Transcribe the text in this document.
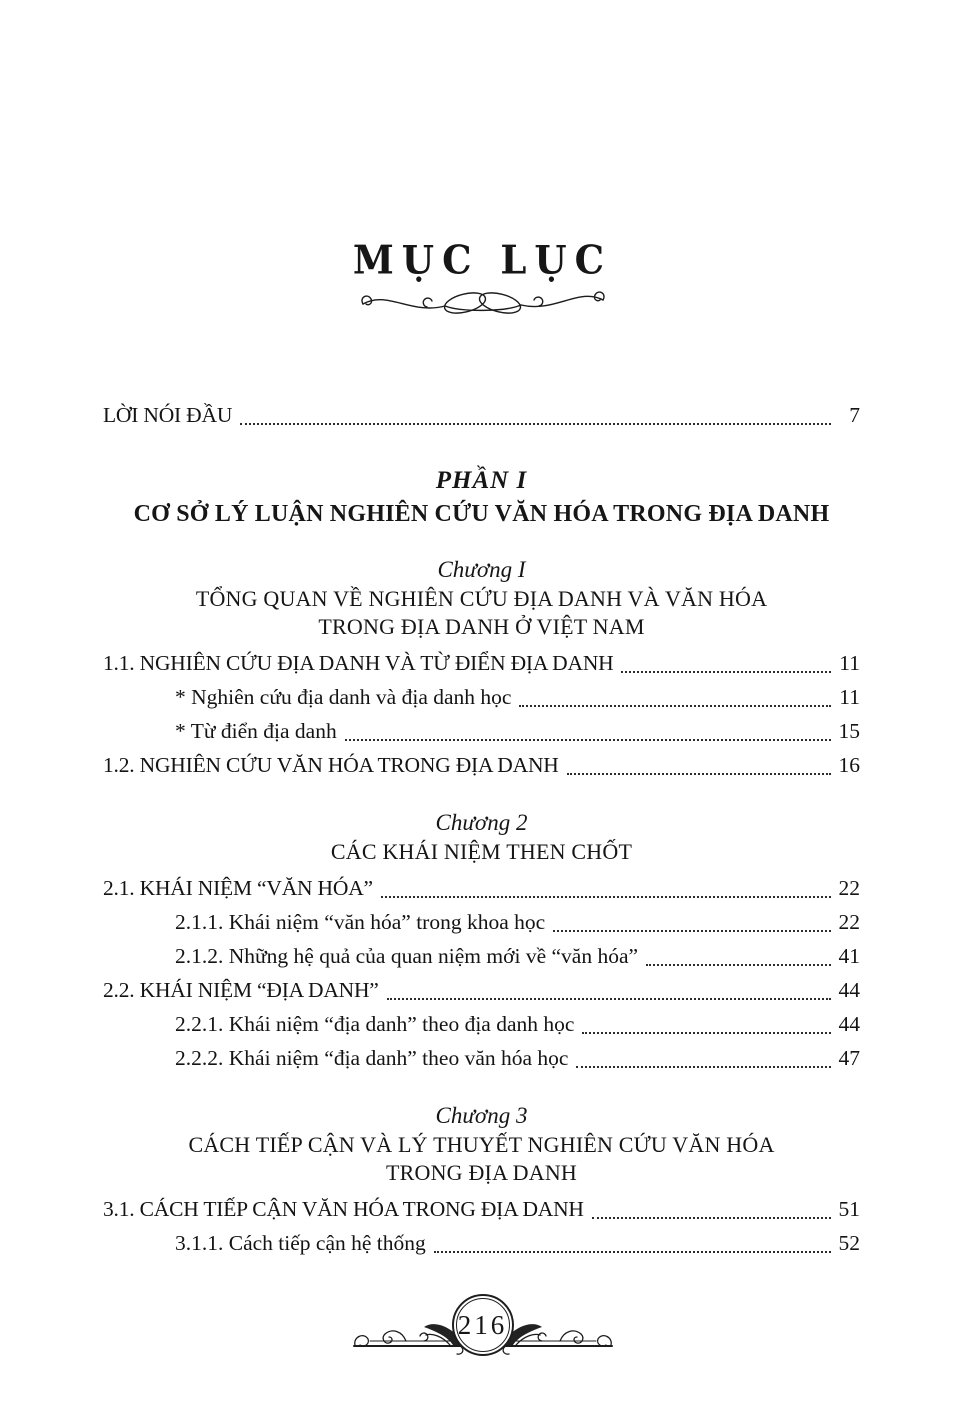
MỤC LỤC
LỜI NÓI ĐẦU	7
PHẦN I
CƠ SỞ LÝ LUẬN NGHIÊN CỨU VĂN HÓA TRONG ĐỊA DANH
Chương I
TỔNG QUAN VỀ NGHIÊN CỨU ĐỊA DANH VÀ VĂN HÓA
TRONG ĐỊA DANH Ở VIỆT NAM
1.1. NGHIÊN CỨU ĐỊA DANH VÀ TỪ ĐIỂN ĐỊA DANH	11
* Nghiên cứu địa danh và địa danh học	11
* Từ điển địa danh	15
1.2. NGHIÊN CỨU VĂN HÓA TRONG ĐỊA DANH	16
Chương 2
CÁC KHÁI NIỆM THEN CHỐT
2.1. KHÁI NIỆM “VĂN HÓA”	22
2.1.1. Khái niệm “văn hóa” trong khoa học	22
2.1.2. Những hệ quả của quan niệm mới về “văn hóa”	41
2.2. KHÁI NIỆM “ĐỊA DANH”	44
2.2.1. Khái niệm “địa danh” theo địa danh học	44
2.2.2. Khái niệm “địa danh” theo văn hóa học	47
Chương 3
CÁCH TIẾP CẬN VÀ LÝ THUYẾT NGHIÊN CỨU VĂN HÓA
TRONG ĐỊA DANH
3.1. CÁCH TIẾP CẬN VĂN HÓA TRONG ĐỊA DANH	51
3.1.1. Cách tiếp cận hệ thống	52
216
